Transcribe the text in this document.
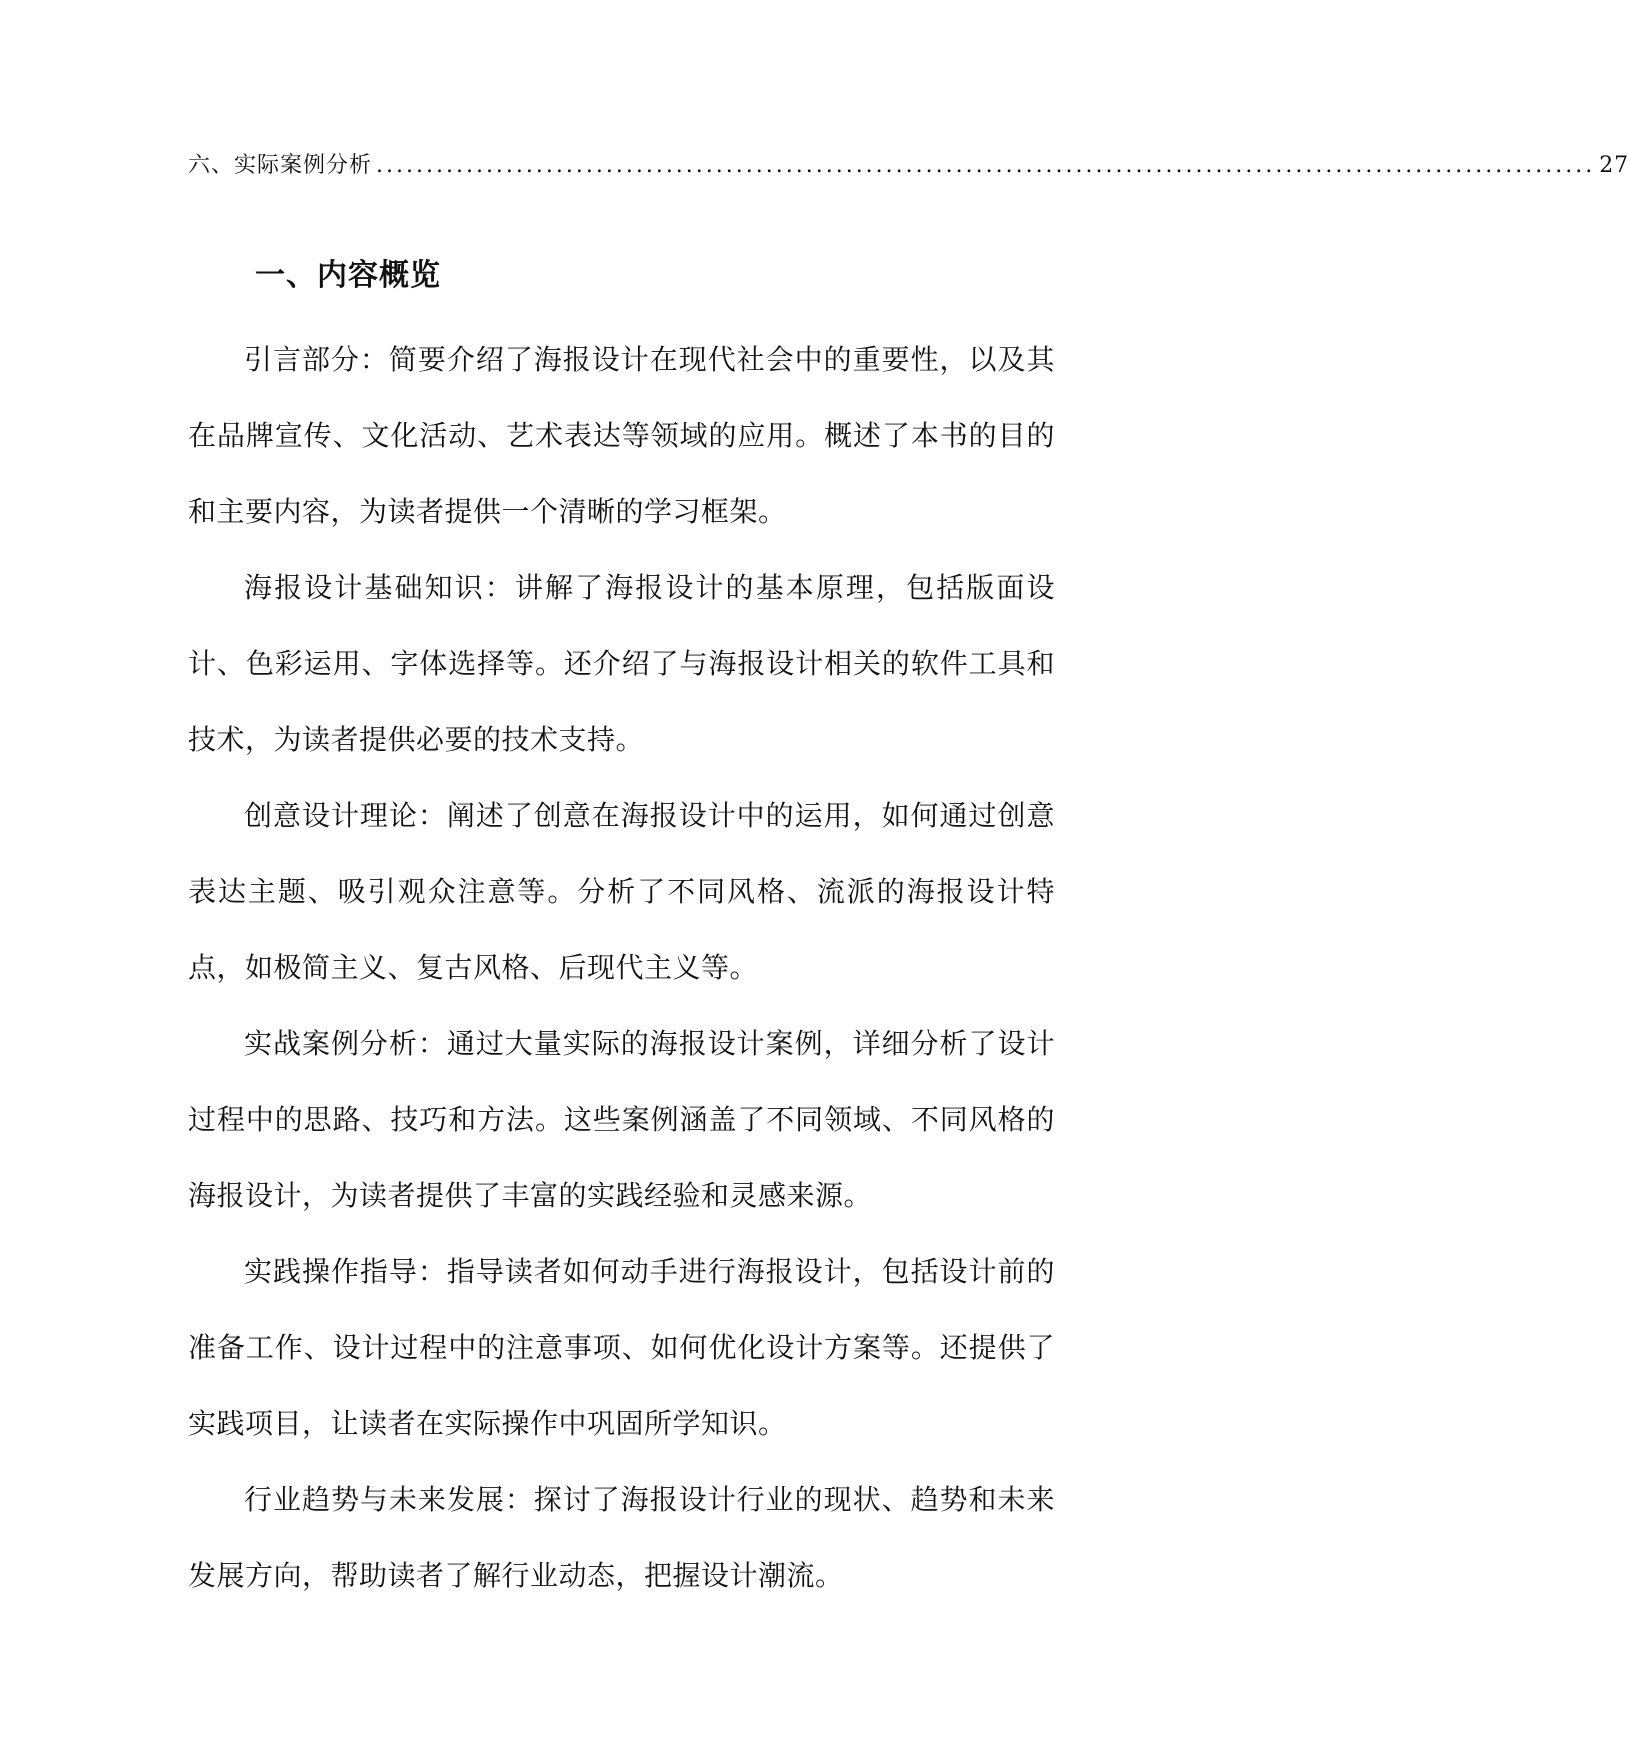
六、实际案例分析 .......................................................................................................................... 27
一、内容概览

引言部分：简要介绍了海报设计在现代社会中的重要性，以及其在品牌宣传、文化活动、艺术表达等领域的应用。概述了本书的目的和主要内容，为读者提供一个清晰的学习框架。

海报设计基础知识：讲解了海报设计的基本原理，包括版面设计、色彩运用、字体选择等。还介绍了与海报设计相关的软件工具和技术，为读者提供必要的技术支持。

创意设计理论：阐述了创意在海报设计中的运用，如何通过创意表达主题、吸引观众注意等。分析了不同风格、流派的海报设计特点，如极简主义、复古风格、后现代主义等。

实战案例分析：通过大量实际的海报设计案例，详细分析了设计过程中的思路、技巧和方法。这些案例涵盖了不同领域、不同风格的海报设计，为读者提供了丰富的实践经验和灵感来源。

实践操作指导：指导读者如何动手进行海报设计，包括设计前的准备工作、设计过程中的注意事项、如何优化设计方案等。还提供了实践项目，让读者在实际操作中巩固所学知识。

行业趋势与未来发展：探讨了海报设计行业的现状、趋势和未来发展方向，帮助读者了解行业动态，把握设计潮流。
